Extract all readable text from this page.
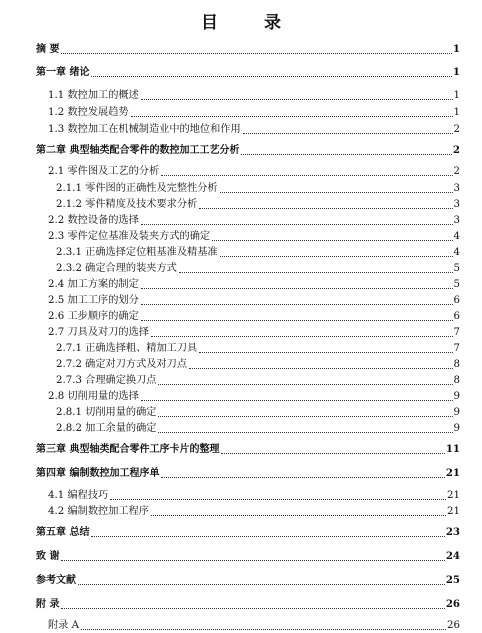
目 录
摘 要	1
第一章 绪论	1
1.1 数控加工的概述	1
1.2 数控发展趋势	1
1.3 数控加工在机械制造业中的地位和作用	2
第二章 典型轴类配合零件的数控加工工艺分析	2
2.1 零件图及工艺的分析	2
2.1.1 零件图的正确性及完整性分析	3
2.1.2 零件精度及技术要求分析	3
2.2 数控设备的选择	3
2.3 零件定位基准及装夹方式的确定	4
2.3.1 正确选择定位粗基准及精基准	4
2.3.2 确定合理的装夹方式	5
2.4 加工方案的制定	5
2.5 加工工序的划分	6
2.6 工步顺序的确定	6
2.7 刀具及对刀的选择	7
2.7.1 正确选择粗、精加工刀具	7
2.7.2 确定对刀方式及对刀点	8
2.7.3 合理确定换刀点	8
2.8 切削用量的选择	9
2.8.1 切削用量的确定	9
2.8.2 加工余量的确定	9
第三章 典型轴类配合零件工序卡片的整理	11
第四章 编制数控加工程序单	21
4.1 编程技巧	21
4.2 编制数控加工程序	21
第五章 总结	23
致 谢	24
参考文献	25
附 录	26
附录 A	26
